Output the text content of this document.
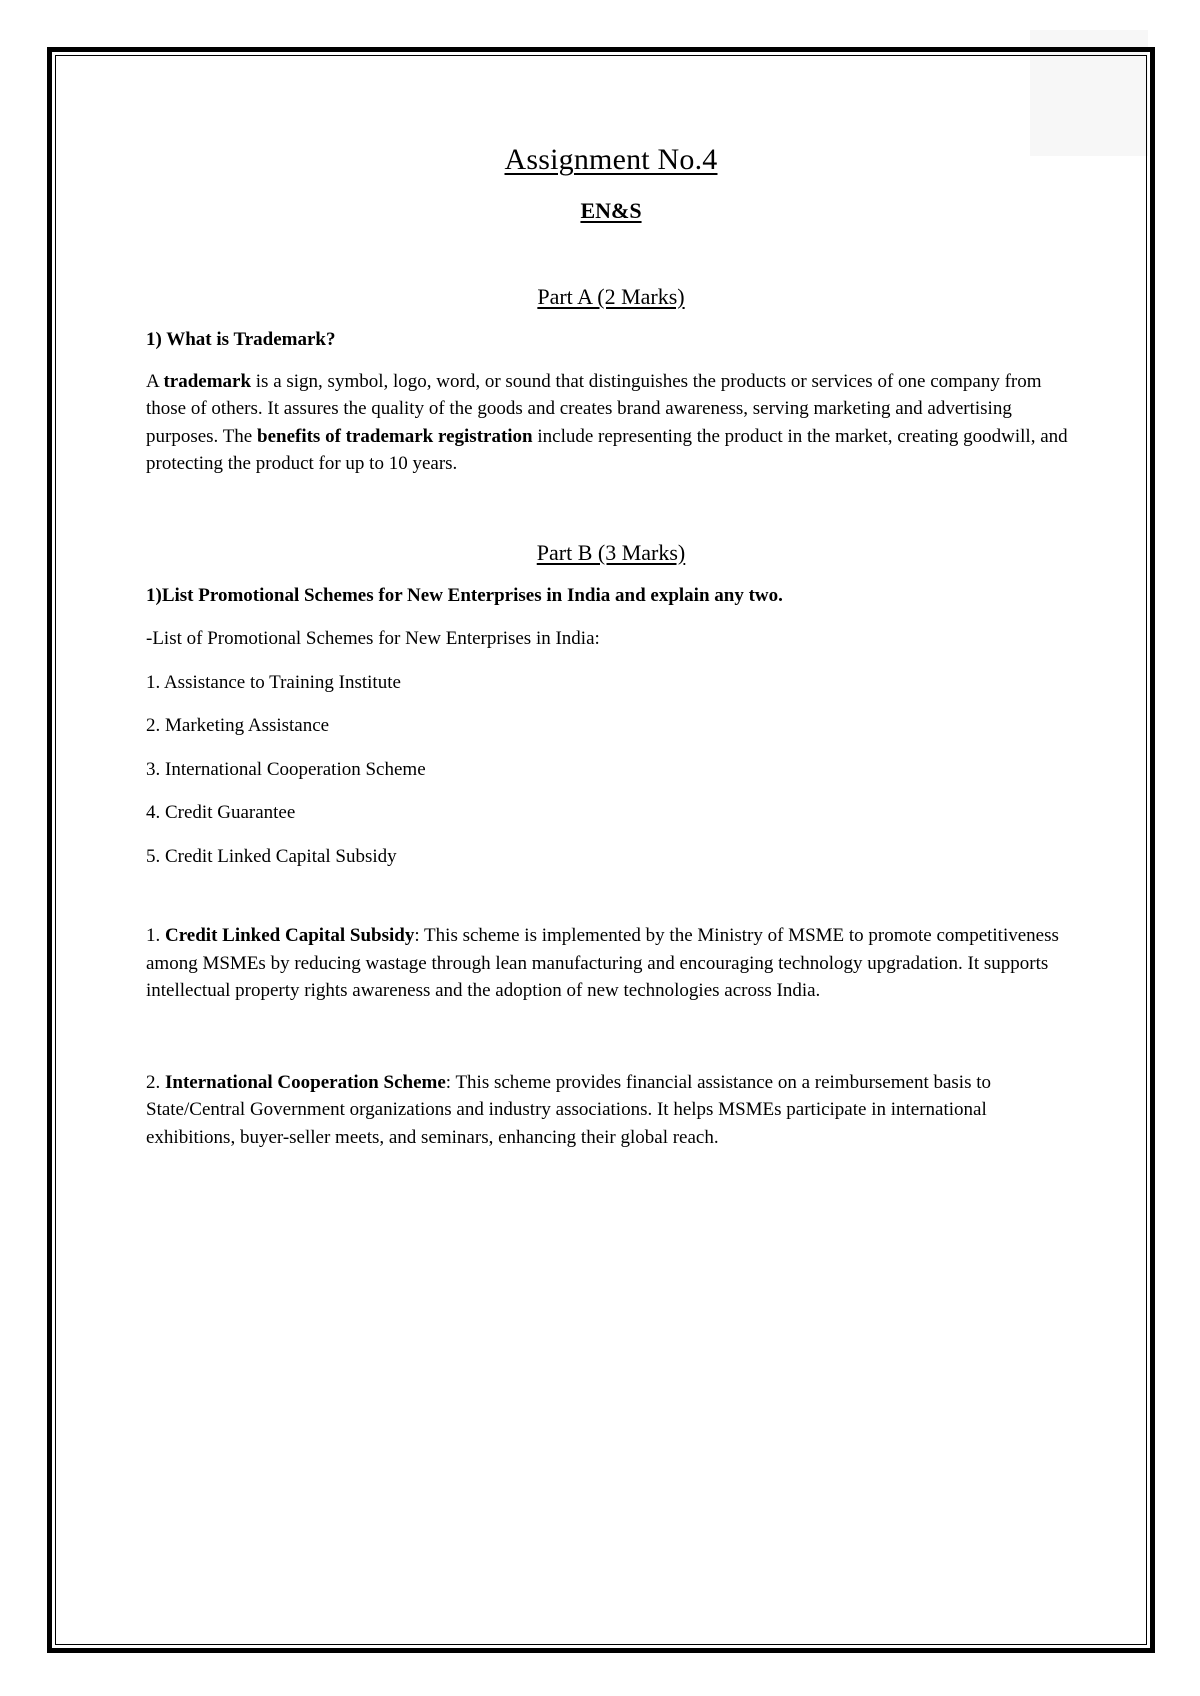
Assignment No.4
EN&S
Part A (2 Marks)

1) What is Trademark?

A trademark is a sign, symbol, logo, word, or sound that distinguishes the products or services of one company from those of others. It assures the quality of the goods and creates brand awareness, serving marketing and advertising purposes. The benefits of trademark registration include representing the product in the market, creating goodwill, and protecting the product for up to 10 years.

Part B (3 Marks)

1)List Promotional Schemes for New Enterprises in India and explain any two.

-List of Promotional Schemes for New Enterprises in India:

1. Assistance to Training Institute

2. Marketing Assistance

3. International Cooperation Scheme

4. Credit Guarantee

5. Credit Linked Capital Subsidy

1. Credit Linked Capital Subsidy: This scheme is implemented by the Ministry of MSME to promote competitiveness among MSMEs by reducing wastage through lean manufacturing and encouraging technology upgradation. It supports intellectual property rights awareness and the adoption of new technologies across India.

2. International Cooperation Scheme: This scheme provides financial assistance on a reimbursement basis to State/Central Government organizations and industry associations. It helps MSMEs participate in international exhibitions, buyer-seller meets, and seminars, enhancing their global reach.
